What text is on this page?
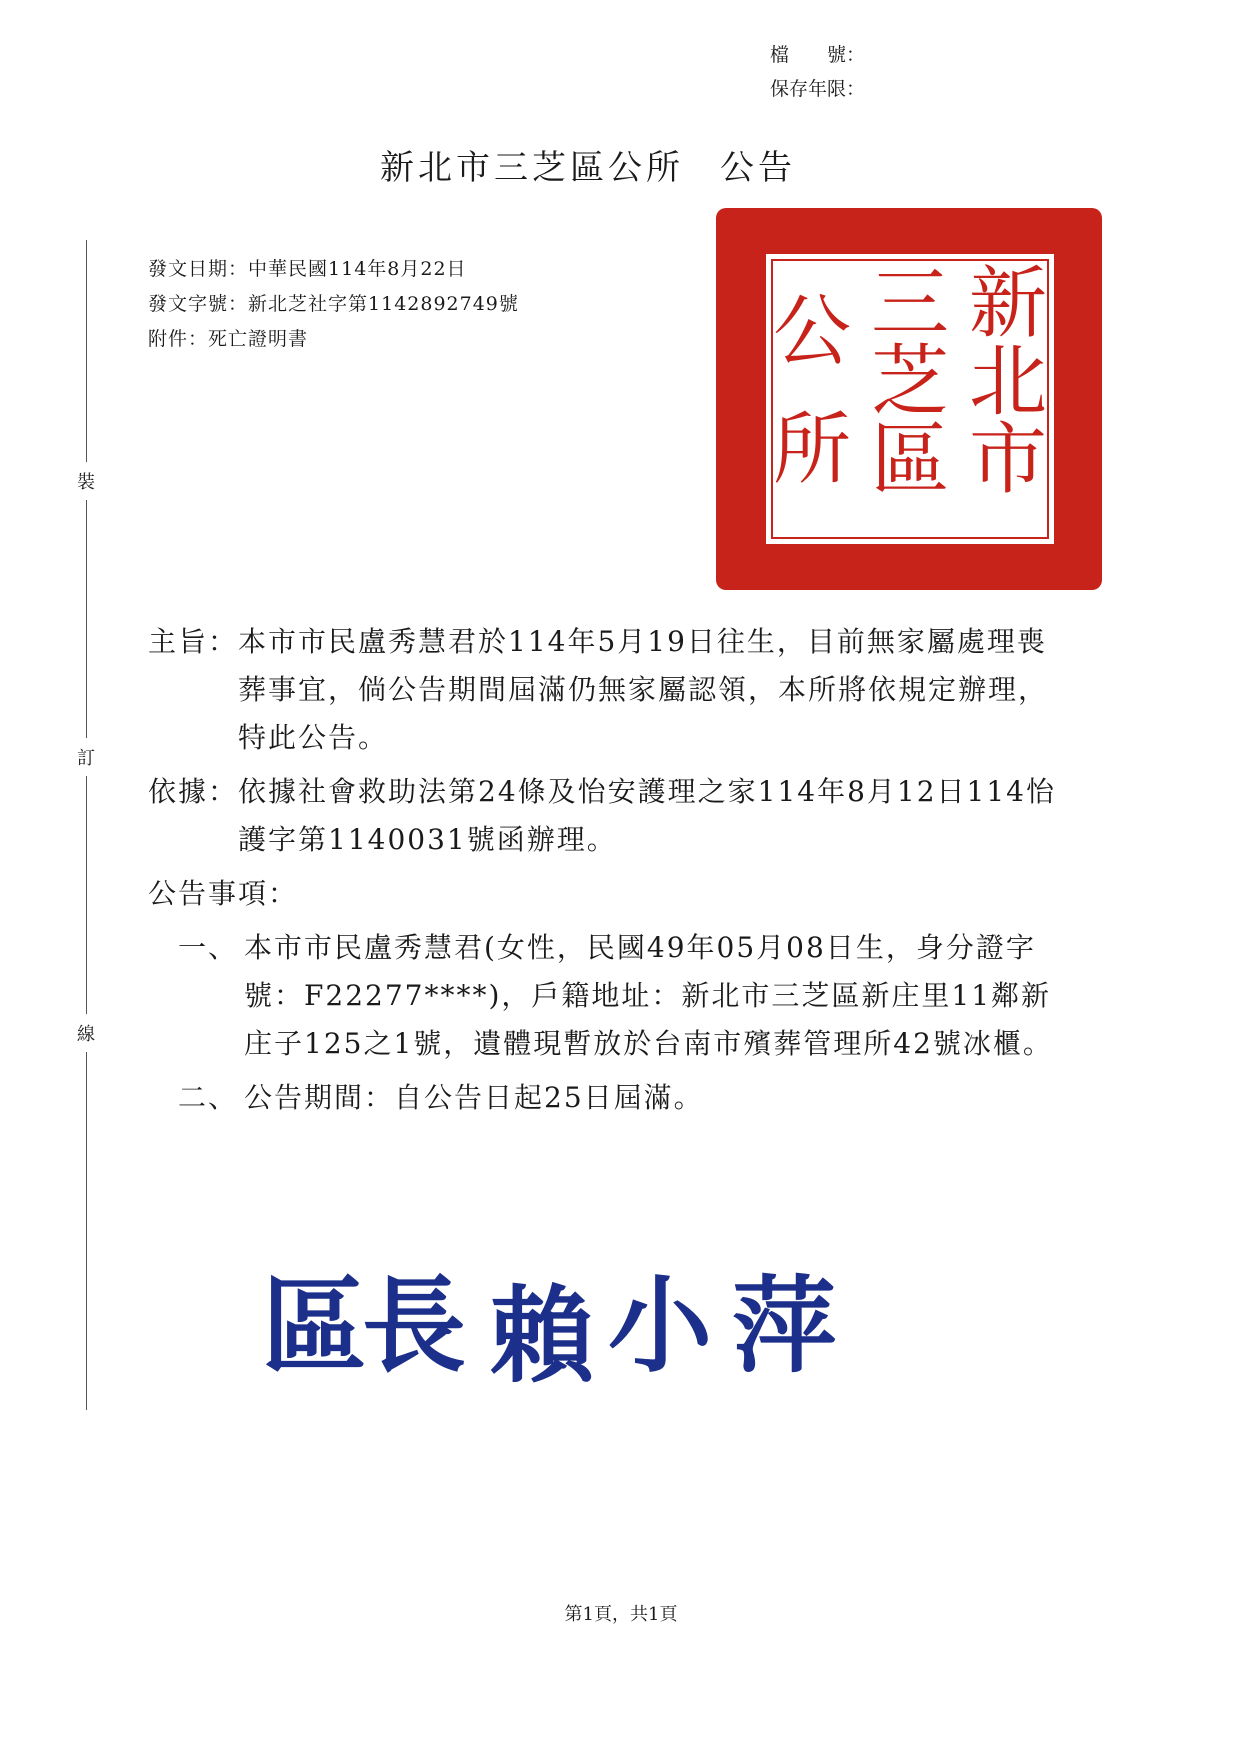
檔　　號：
保存年限：
新北市三芝區公所 公告
裝
訂
線
發文日期： 中華民國114年8月22日
發文字號： 新北芝社字第1142892749號
附件： 死亡證明書	新
北
市
三
芝
區
公
所
主旨： 本市市民盧秀慧君於114年5月19日往生，目前無家屬處理喪葬事宜，倘公告期間屆滿仍無家屬認領，本所將依規定辦理，特此公告。
依據： 依據社會救助法第24條及怡安護理之家114年8月12日114怡護字第1140031號函辦理。
公告事項：
一、 本市市民盧秀慧君(女性，民國49年05月08日生，身分證字號：F22277****)，戶籍地址：新北市三芝區新庄里11鄰新庄子125之1號，遺體現暫放於台南市殯葬管理所42號冰櫃。
二、 公告期間：自公告日起25日屆滿。
區
長 賴 小 萍
第1頁，共1頁
